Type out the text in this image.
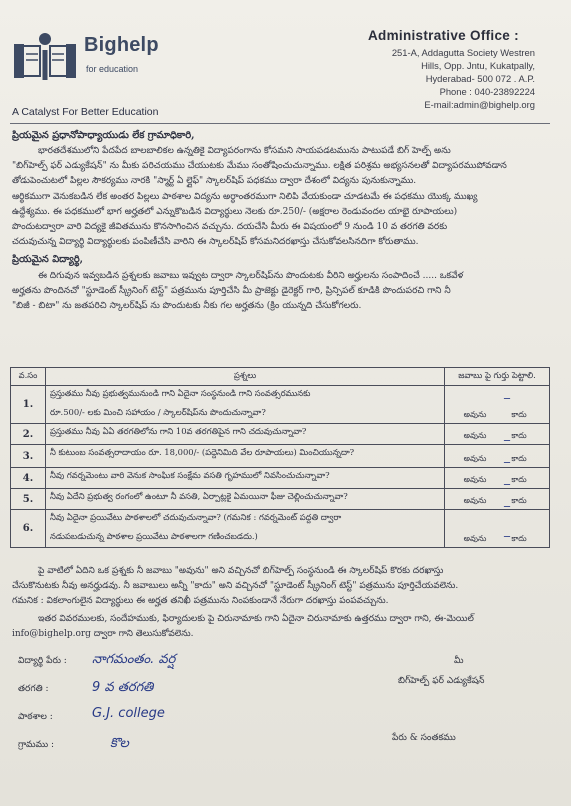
Bighelp
for education
A Catalyst For Better Education
Administrative Office :
251-A, Addagutta Society Westren
Hills, Opp. Jntu, Kukatpally,
Hyderabad- 500 072 . A.P.
Phone : 040-23892224
E-mail:admin@bighelp.org
ప్రియమైన ప్రధానోపాధ్యాయుడు లేక గ్రామాధికారి,
భారతదేశములోని పేదపేద బాలబాలికల ఉన్నతికై విద్యాపరంగాను కోసమని సాయపడటమును పాటుపడే బిగ్ హెల్ప్ అను
"బిగ్‌హెల్ప్ ఫర్ ఎడ్యుకేషన్" ను మీకు పరిచయము చేయుటకు మేము సంతోషించుచున్నాము. లక్షిత పరిశ్రమ అభ్యసనలతో విద్యాపరముపోవడాన
తోడుపెంచుటలో పిల్లల సౌకర్యము నారకి "స్మార్ట్ ఏ ల్లైఫ్" స్కాలర్‌షిప్ పధకము ద్వారా దేశంలో విద్యను పునుకున్నాము.
ఆర్థికముగా వెనుకబడిన లేక అంతర పిల్లలు పాఠశాల విద్యను అర్ధాంతరముగా నిలిపి వేయకుండా చూడటమే ఈ పధకము యొక్క ముఖ్య
ఉద్దేశ్యము. ఈ పధకములో భాగ అర్హతలో ఎన్నుకొబడిన విద్యార్థులు నెలకు రూ.250/- (అక్షరాల రెండువందల యాభై రూపాయలు)
పొందుటద్వారా వారి విద్యకై జీవితమును కొనసాగించిన వచ్చును. దయచేసి మీరు ఈ విషయంలో 9 నుండి 10 వ తరగతి వరకు
చదువుచున్న విద్యార్థి విద్యార్థులకు పంపిణీచేసి వారిని ఈ స్కాలర్‌షిప్ కోసమనిదరఖాస్తు చేసుకోవలసినదిగా కోరుతాము.
ప్రియమైన విద్యార్థి,
ఈ దిగువున ఇవ్వబడిన ప్రశ్నలకు జవాబు ఇవ్వుట ద్వారా స్కాలర్‌షిప్‌ను పొందుటకు వీరిని అర్హులను సంపాదించే ..... ఒకవేళ
అర్హతను పొందినచో "స్టూడెంట్ స్క్రీనింగ్ టెస్ట్" పత్రమును పూర్తిచేసి మీ ప్రాజెక్టు డైరెక్టర్ గారి, ప్రిన్సిపల్ కూడికి పొందుపరచి గాని నీ
"బిజీ - బిటా" ను జతపరిచి స్కాలర్‌షిప్ ను పొందుటకు నీకు గల అర్హతను (క్రిం యున్నది చేసుకోగలరు.
వ.సం	ప్రశ్నలు	జవాబు పై గుర్తు పెట్టాలి.
1.	ప్రస్తుతము నీవు ప్రభుత్వమునుండి గాని ఏదైనా సంస్థనుండి గాని సంవత్సరమునకు
రూ.500/- లకు మించి సహాయం / స్కాలర్‌షిప్‌ను పొందుచున్నావా?	అవును కాదు
2.	ప్రస్తుతము నీవు ఏఏ తరగతిలోను గాని 10వ తరగతిపైన గాని చదువుచున్నావా?	అవును కాదు
3.	నీ కుటుంబ సంవత్సరాదాయం రూ. 18,000/- (పద్దెనిమిది వేల రూపాయలు) మించియున్నదా?	అవును కాదు
4.	నీవు గవర్నమెంటు వారి వెనుక సాంఘిక సంక్షేమ వసతి గృహములో నివసించుచున్నావా?	అవును కాదు
5.	నీవు ఏదేని ప్రభుత్వ రంగంలో ఉంటూ నీ వసతి, ఏర్పాట్లకై ఏమయినా ఫీజు చెల్లించుచున్నావా?	అవును కాదు
6.	నీవు ఏదైనా ప్రయివేటు పాఠశాలలో చదువుచున్నావా? (గమనిక : గవర్నమెంట్ పద్దతి ద్వారా
నడుపబడుచున్న పాఠశాల ప్రయివేటు పాఠశాలగా గణించబడదు.)	అవును కాదు
─
─
─
─
─
─
పై వాటిలో ఏదిని ఒక ప్రశ్నకు నీ జవాబు "అవును" అని వచ్చినచో బిగ్‌హెల్ప్ సంస్థనుండి ఈ స్కాలర్‌షిప్ కొరకు దరఖాస్తు
చేసుకొనుటకు నీవు అనర్హుడవు. నీ జవాబులు అన్నీ "కాదు" అని వచ్చినచో "స్టూడెంట్ స్క్రీనింగ్ టెస్ట్" పత్రమును పూర్తిచేయవలెను.
గమనిక : వికలాంగులైన విద్యార్థులు ఈ అర్హత తనిఖీ పత్రమును నింపకుండానే నేరుగా దరఖాస్తు పంపవచ్చును.
ఇతర వివరములకు, సందేహముకు, ఫిర్యాదులకు పై చిరునామాకు గాని ఏదైనా చిరునామాకు ఉత్తరము ద్వారా గాని, ఈ-మెయిల్
info@bighelp.org ద్వారా గాని తెలుసుకోవలెను.
విద్యార్థి పేరు : నాగమంతం. వర్ష
తరగతి :	9 వ తరగతి
పాఠశాల :	G.J. college
గ్రామము :	కొల
మీ
బిగ్‌హెల్ప్ ఫర్ ఎడ్యుకేషన్
పేరు & సంతకము
